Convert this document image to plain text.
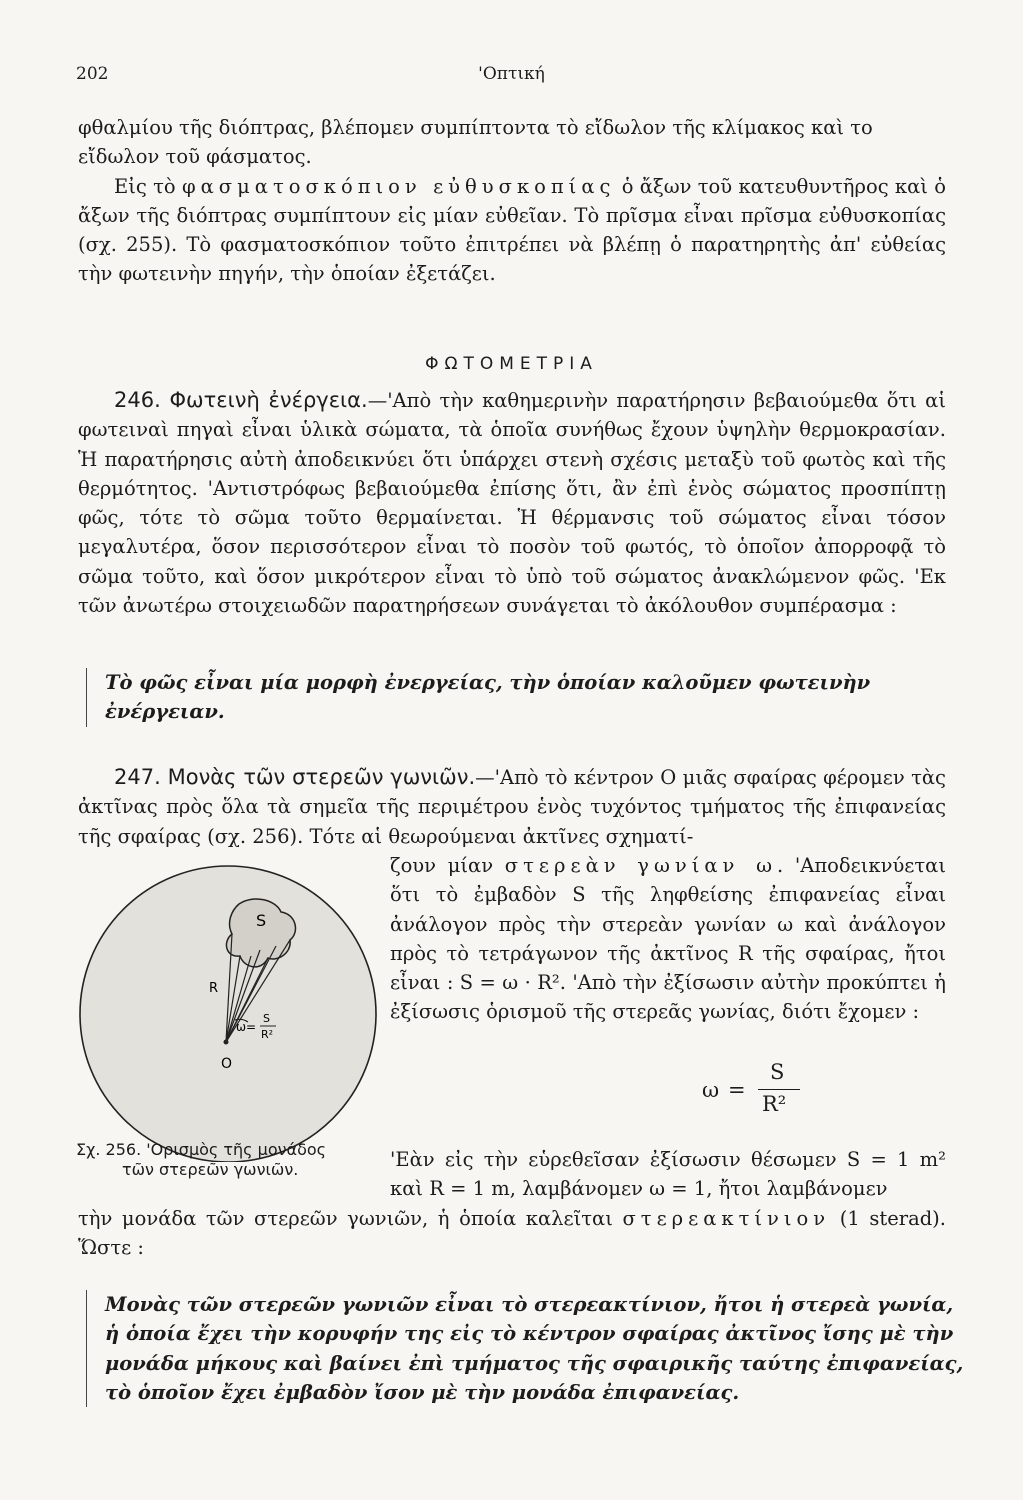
202	'Οπτική

φθαλμίου τῆς διόπτρας, βλέπομεν συμπίπτοντα τὸ εἴδωλον τῆς κλίμακος καὶ το

εἴδωλον τοῦ φάσματος.

Εἰς τὸ φασματοσκόπιον εὐθυσκοπίας ὁ ἄξων τοῦ κατευθυντῆρος καὶ ὁ ἄξων τῆς διόπτρας συμπίπτουν εἰς μίαν εὐθεῖαν. Τὸ πρῖσμα εἶναι πρῖσμα εὐθυσκοπίας (σχ. 255). Τὸ φασματοσκόπιον τοῦτο ἐπιτρέπει νὰ βλέπῃ ὁ παρατηρητὴς ἀπ' εὐθείας τὴν φωτεινὴν πηγήν, τὴν ὁποίαν ἐξετάζει.

ΦΩΤΟΜΕΤΡΙΑ

246. Φωτεινὴ ἐνέργεια.—'Απὸ τὴν καθημερινὴν παρατήρησιν βεβαιούμεθα ὅτι αἱ φωτειναὶ πηγαὶ εἶναι ὑλικὰ σώματα, τὰ ὁποῖα συνήθως ἔχουν ὑψηλὴν θερμοκρασίαν. Ἡ παρατήρησις αὐτὴ ἀποδεικνύει ὅτι ὑπάρχει στενὴ σχέσις μεταξὺ τοῦ φωτὸς καὶ τῆς θερμότητος. 'Αντιστρόφως βεβαιούμεθα ἐπίσης ὅτι, ἂν ἐπὶ ἑνὸς σώματος προσπίπτῃ φῶς, τότε τὸ σῶμα τοῦτο θερμαίνεται. Ἡ θέρμανσις τοῦ σώματος εἶναι τόσον μεγαλυτέρα, ὅσον περισσότερον εἶναι τὸ ποσὸν τοῦ φωτός, τὸ ὁποῖον ἀπορροφᾷ τὸ σῶμα τοῦτο, καὶ ὅσον μικρότερον εἶναι τὸ ὑπὸ τοῦ σώματος ἀνακλώμενον φῶς. 'Εκ τῶν ἀνωτέρω στοιχειωδῶν παρατηρήσεων συνάγεται τὸ ἀκόλουθον συμπέρασμα :

Τὸ φῶς εἶναι μία μορφὴ ἐνεργείας, τὴν ὁποίαν καλοῦμεν φωτεινὴν ἐνέργειαν.

247. Μονὰς τῶν στερεῶν γωνιῶν.—'Απὸ τὸ κέντρον Ο μιᾶς σφαίρας φέρομεν τὰς ἀκτῖνας πρὸς ὅλα τὰ σημεῖα τῆς περιμέτρου ἑνὸς τυχόντος τμήματος τῆς ἐπιφανείας τῆς σφαίρας (σχ. 256). Τότε αἱ θεωρούμεναι ἀκτῖνες σχηματί-

S
R
O
ω=
S
R²
Σχ. 256. 'Ορισμὸς τῆς μονάδος
τῶν στερεῶν γωνιῶν.

ζουν μίαν στερεὰν γωνίαν ω. 'Αποδεικνύεται ὅτι τὸ ἐμβαδὸν S τῆς ληφθείσης ἐπιφανείας εἶναι ἀνάλογον πρὸς τὴν στερεὰν γωνίαν ω καὶ ἀνάλογον πρὸς τὸ τετράγωνον τῆς ἀκτῖνος R τῆς σφαίρας, ἤτοι εἶναι : S = ω · R². 'Απὸ τὴν ἐξίσωσιν αὐτὴν προκύπτει ἡ ἐξίσωσις ὁρισμοῦ τῆς στερεᾶς γωνίας, διότι ἔχομεν :

ω =
S
R²

'Εὰν εἰς τὴν εὑρεθεῖσαν ἐξίσωσιν θέσωμεν S = 1 m² καὶ R = 1 m, λαμβάνομεν ω = 1, ἤτοι λαμβάνομεν

τὴν μονάδα τῶν στερεῶν γωνιῶν, ἡ ὁποία καλεῖται στερεακτίνιον (1 sterad). Ὥστε :

Μονὰς τῶν στερεῶν γωνιῶν εἶναι τὸ στερεακτίνιον, ἤτοι ἡ στερεὰ γωνία, ἡ ὁποία ἔχει τὴν κορυφήν της εἰς τὸ κέντρον σφαίρας ἀκτῖνος ἴσης μὲ τὴν μονάδα μήκους καὶ βαίνει ἐπὶ τμήματος τῆς σφαιρικῆς ταύτης ἐπιφανείας, τὸ ὁποῖον ἔχει ἐμβαδὸν ἴσον μὲ τὴν μονάδα ἐπιφανείας.
